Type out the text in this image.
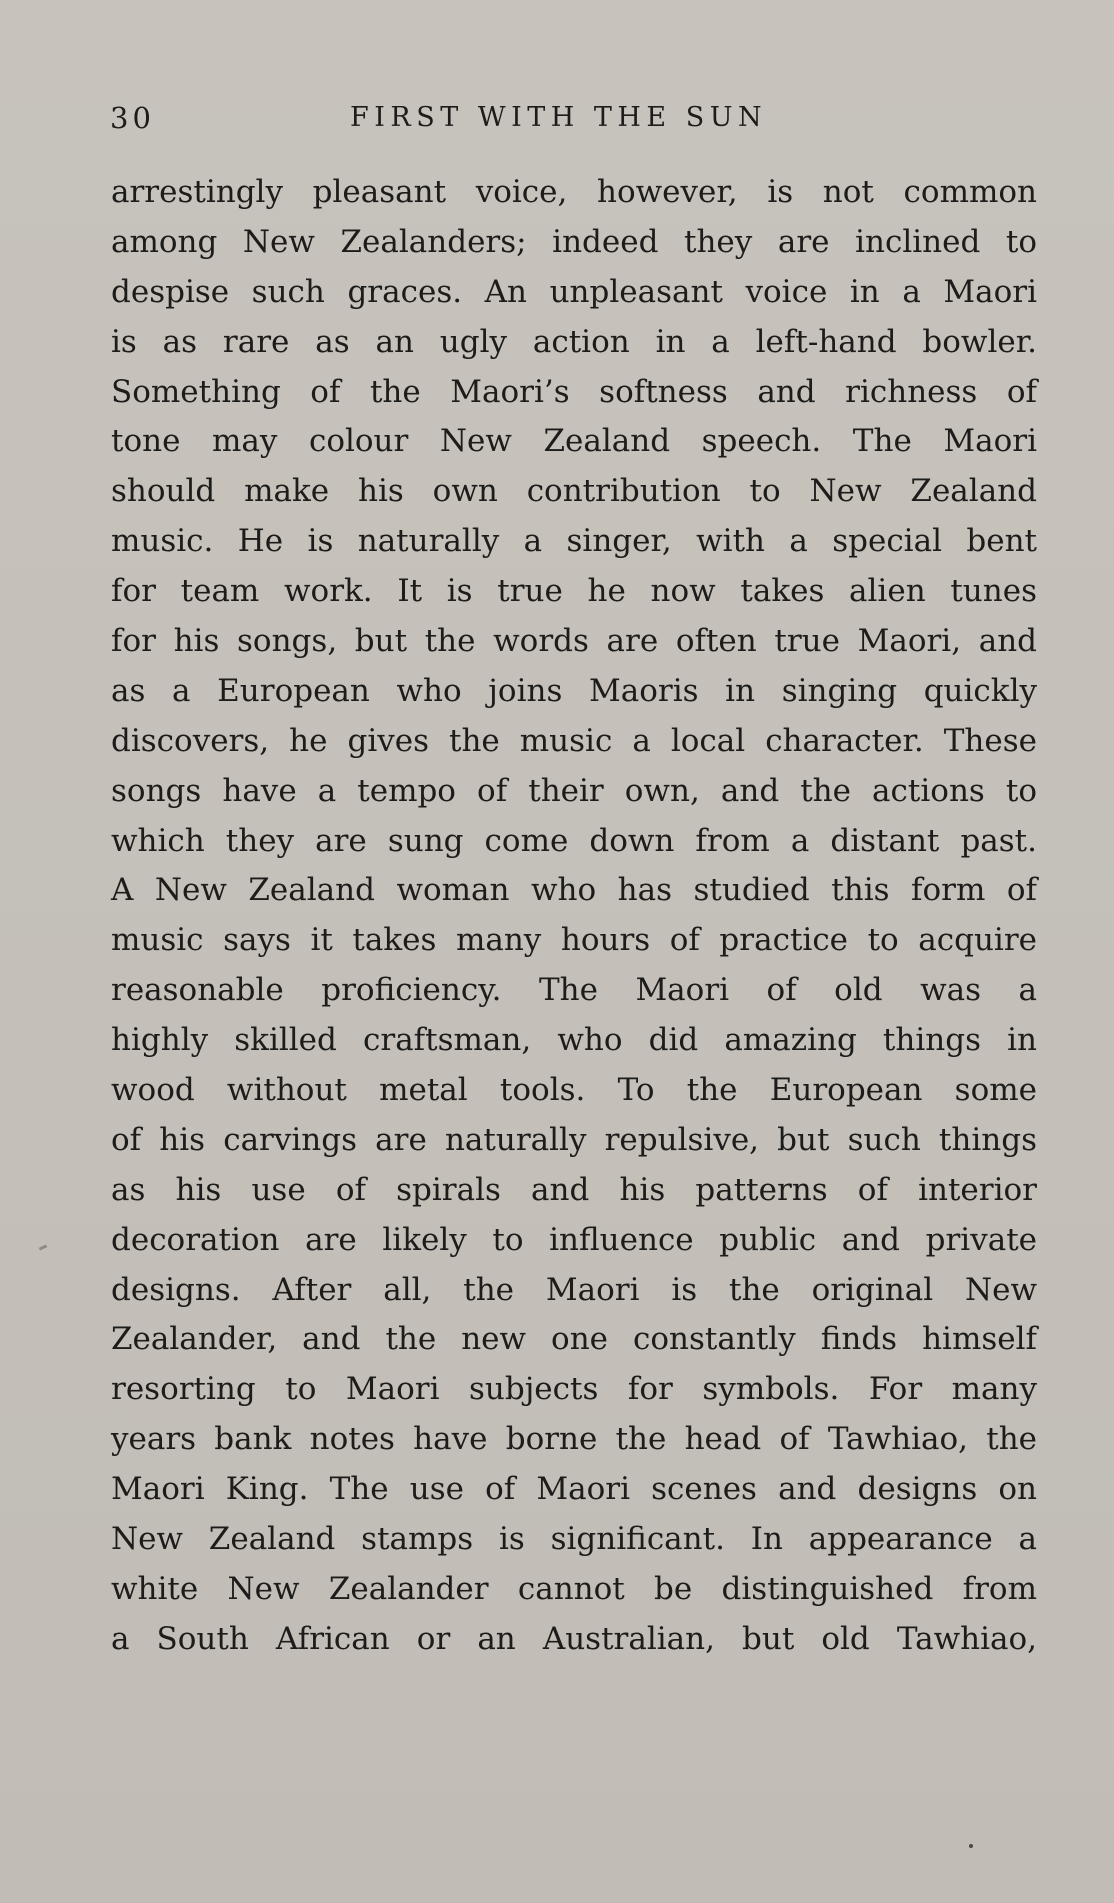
30	FIRST WITH THE SUN
arrestingly pleasant voice, however, is not common
among New Zealanders; indeed they are inclined to
despise such graces. An unpleasant voice in a Maori
is as rare as an ugly action in a left-hand bowler.
Something of the Maori’s softness and richness of
tone may colour New Zealand speech. The Maori
should make his own contribution to New Zealand
music. He is naturally a singer, with a special bent
for team work. It is true he now takes alien tunes
for his songs, but the words are often true Maori, and
as a European who joins Maoris in singing quickly
discovers, he gives the music a local character. These
songs have a tempo of their own, and the actions to
which they are sung come down from a distant past.
A New Zealand woman who has studied this form of
music says it takes many hours of practice to acquire
reasonable proficiency. The Maori of old was a
highly skilled craftsman, who did amazing things in
wood without metal tools. To the European some
of his carvings are naturally repulsive, but such things
as his use of spirals and his patterns of interior
decoration are likely to influence public and private
designs. After all, the Maori is the original New
Zealander, and the new one constantly finds himself
resorting to Maori subjects for symbols. For many
years bank notes have borne the head of Tawhiao, the
Maori King. The use of Maori scenes and designs on
New Zealand stamps is significant. In appearance a
white New Zealander cannot be distinguished from
a South African or an Australian, but old Tawhiao,
